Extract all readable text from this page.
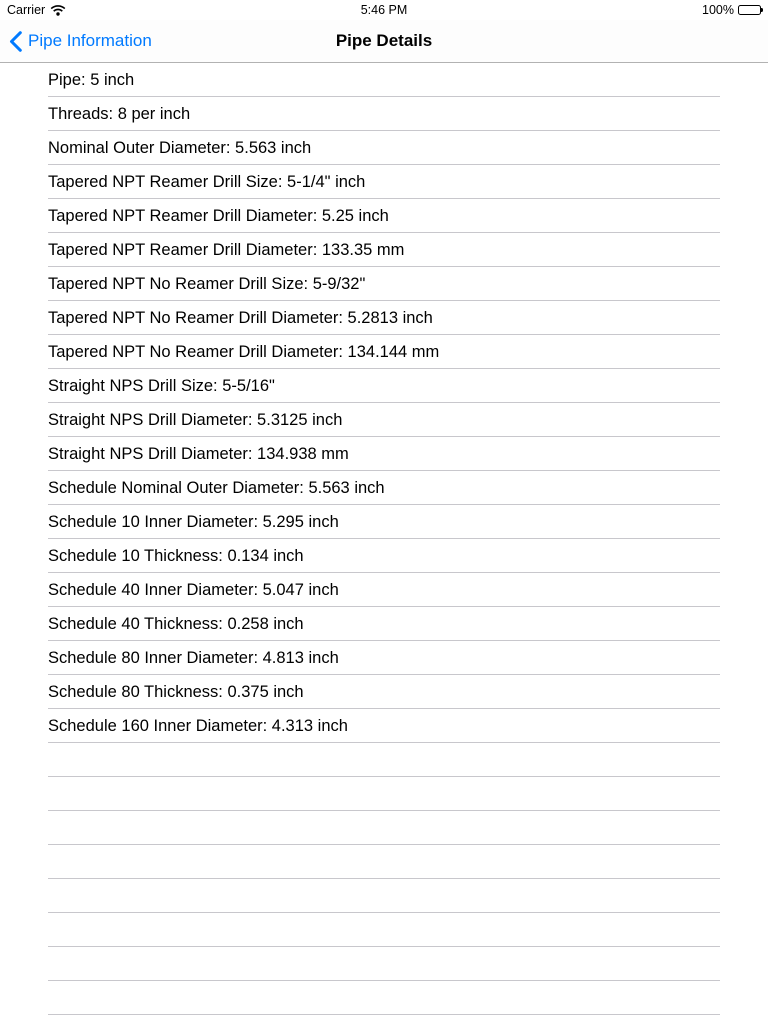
Carrier	5:46 PM	100%
Pipe Details
Pipe Information
Pipe: 5 inch
Threads: 8 per inch
Nominal Outer Diameter: 5.563 inch
Tapered NPT Reamer Drill Size: 5-1/4" inch
Tapered NPT Reamer Drill Diameter: 5.25 inch
Tapered NPT Reamer Drill Diameter: 133.35 mm
Tapered NPT No Reamer Drill Size: 5-9/32"
Tapered NPT No Reamer Drill Diameter: 5.2813 inch
Tapered NPT No Reamer Drill Diameter: 134.144 mm
Straight NPS Drill Size: 5-5/16"
Straight NPS Drill Diameter: 5.3125 inch
Straight NPS Drill Diameter: 134.938 mm
Schedule Nominal Outer Diameter: 5.563 inch
Schedule 10 Inner Diameter: 5.295 inch
Schedule 10 Thickness: 0.134 inch
Schedule 40 Inner Diameter: 5.047 inch
Schedule 40 Thickness: 0.258 inch
Schedule 80 Inner Diameter: 4.813 inch
Schedule 80 Thickness: 0.375 inch
Schedule 160 Inner Diameter: 4.313 inch
